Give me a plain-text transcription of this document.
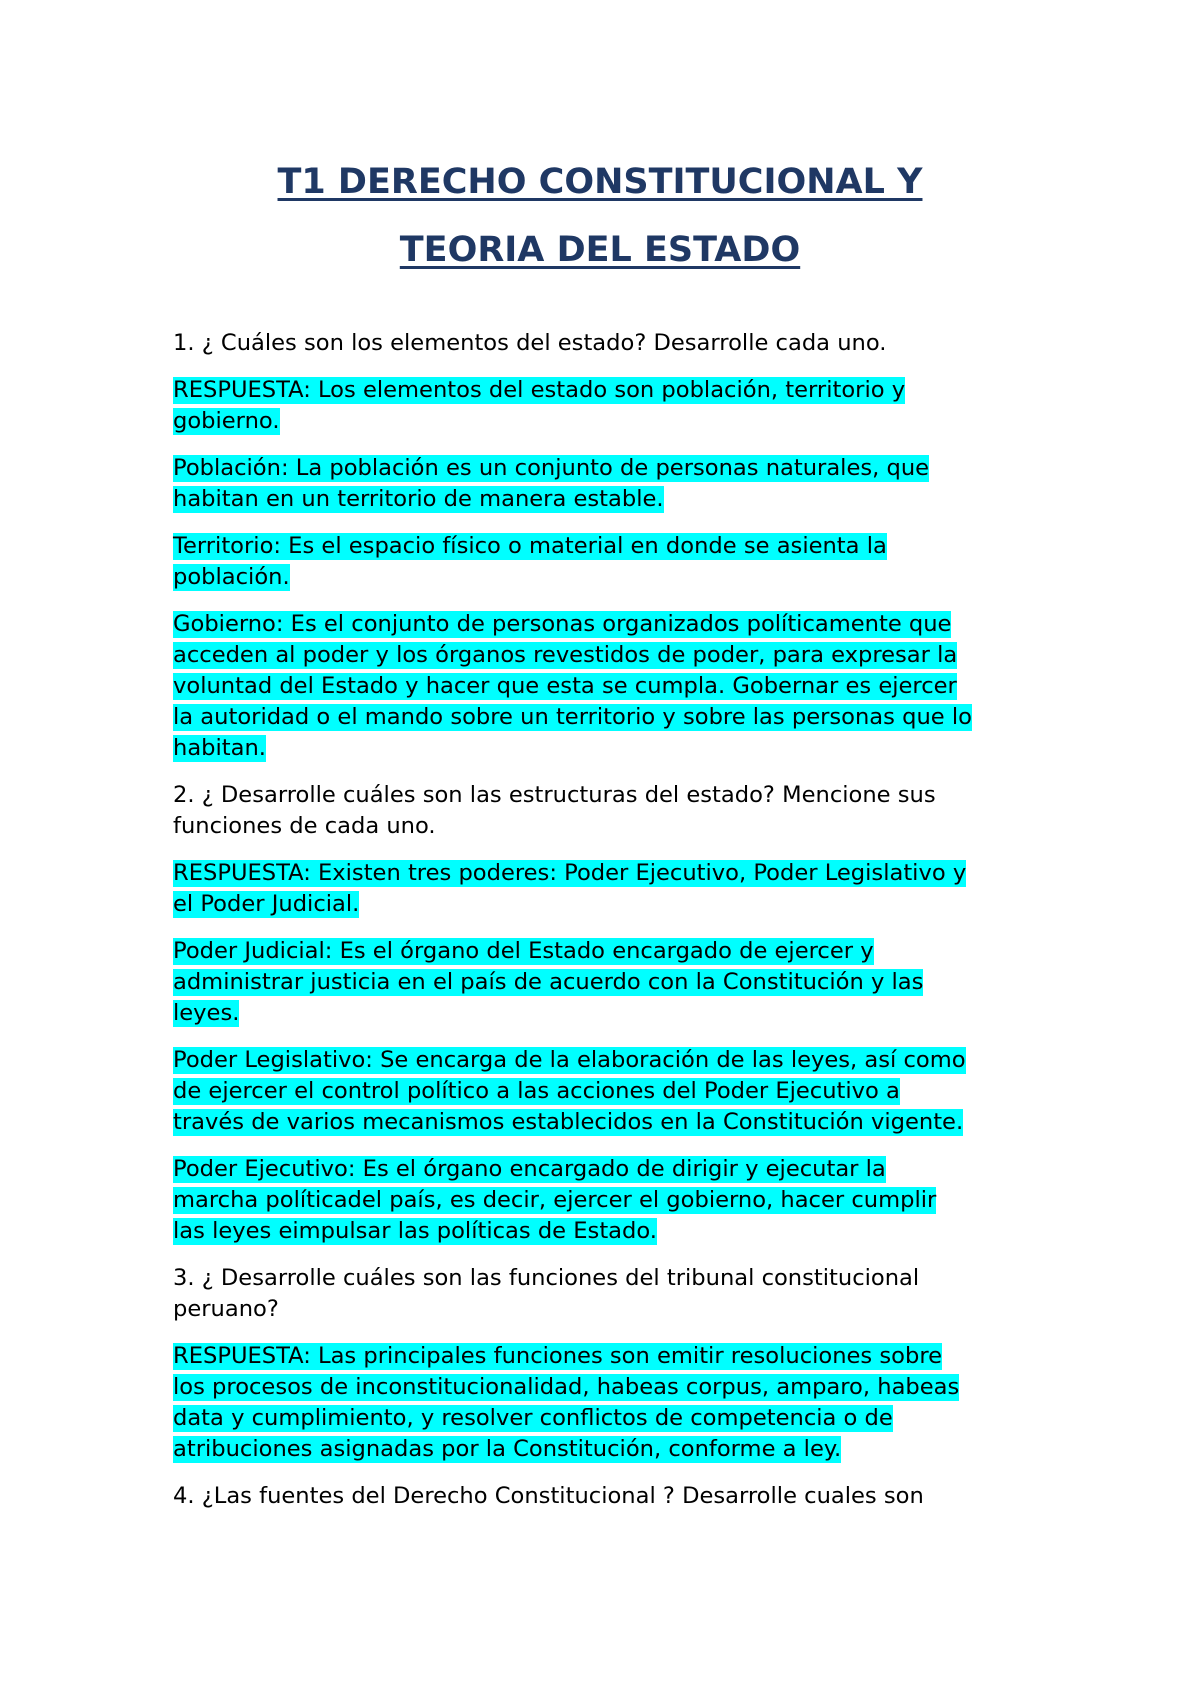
T1 DERECHO CONSTITUCIONAL Y
TEORIA DEL ESTADO
1. ¿ Cuáles son los elementos del estado? Desarrolle cada uno.
RESPUESTA: Los elementos del estado son población, territorio y
gobierno.
Población: La población es un conjunto de personas naturales, que
habitan en un territorio de manera estable.
Territorio: Es el espacio físico o material en donde se asienta la
población.
Gobierno: Es el conjunto de personas organizados políticamente que
acceden al poder y los órganos revestidos de poder, para expresar la
voluntad del Estado y hacer que esta se cumpla. Gobernar es ejercer
la autoridad o el mando sobre un territorio y sobre las personas que lo
habitan.
2. ¿ Desarrolle cuáles son las estructuras del estado? Mencione sus
funciones de cada uno.
RESPUESTA: Existen tres poderes: Poder Ejecutivo, Poder Legislativo y
el Poder Judicial.
Poder Judicial: Es el órgano del Estado encargado de ejercer y
administrar justicia en el país de acuerdo con la Constitución y las
leyes.
Poder Legislativo: Se encarga de la elaboración de las leyes, así como
de ejercer el control político a las acciones del Poder Ejecutivo a
través de varios mecanismos establecidos en la Constitución vigente.
Poder Ejecutivo: Es el órgano encargado de dirigir y ejecutar la
marcha políticadel país, es decir, ejercer el gobierno, hacer cumplir
las leyes eimpulsar las políticas de Estado.
3. ¿ Desarrolle cuáles son las funciones del tribunal constitucional
peruano?
RESPUESTA: Las principales funciones son emitir resoluciones sobre
los procesos de inconstitucionalidad, habeas corpus, amparo, habeas
data y cumplimiento, y resolver conflictos de competencia o de
atribuciones asignadas por la Constitución, conforme a ley.
4. ¿Las fuentes del Derecho Constitucional ? Desarrolle cuales son
